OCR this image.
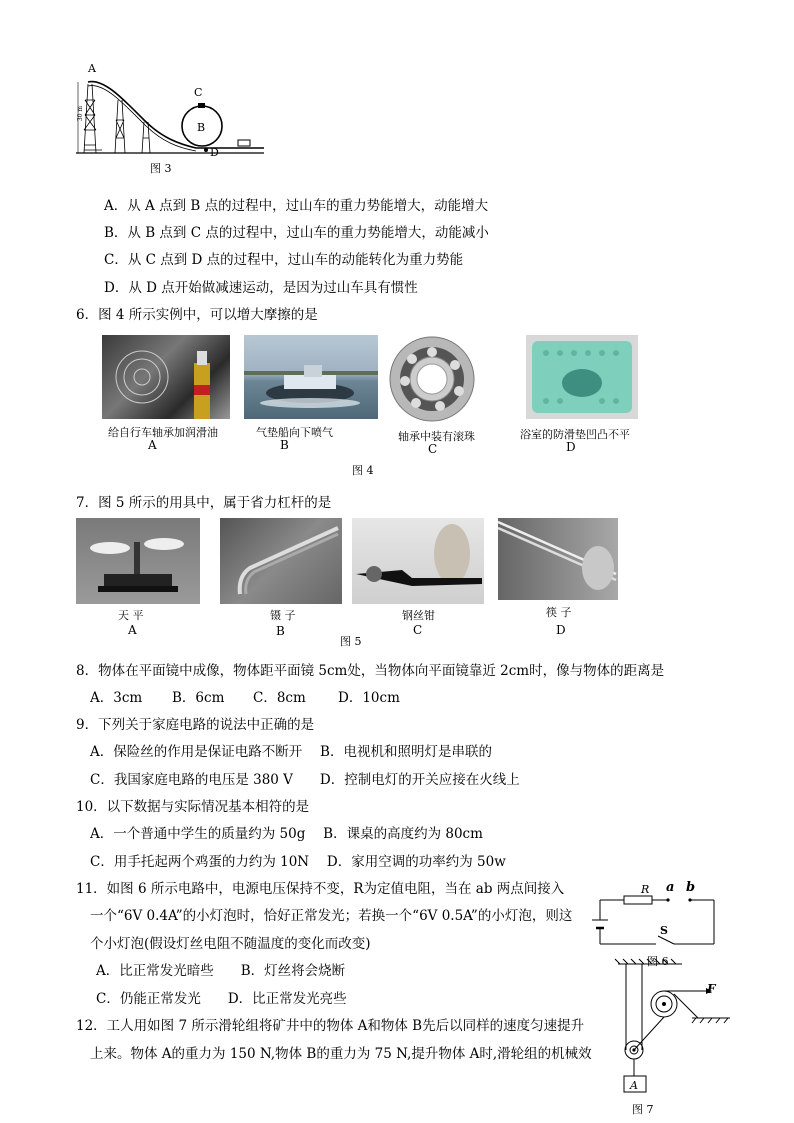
A
C
B
D
30 m
图 3
A．从 A 点到 B 点的过程中，过山车的重力势能增大，动能增大
B．从 B 点到 C 点的过程中，过山车的重力势能增大，动能减小
C．从 C 点到 D 点的过程中，过山车的动能转化为重力势能
D．从 D 点开始做减速运动，是因为过山车具有惯性
6．图 4 所示实例中，可以增大摩擦的是
给自行车轴承加润滑油	气垫船向下喷气	轴承中装有滚珠	浴室的防滑垫凹凸不平
A	B	C	D
图 4
7．图 5 所示的用具中，属于省力杠杆的是
天 平	镊 子	钢丝钳	筷 子
A	B	C	D
图 5
8．物体在平面镜中成像，物体距平面镜 5cm处，当物体向平面镜靠近 2cm时，像与物体的距离是
A．3cm B．6cm C．8cm D．10cm
9．下列关于家庭电路的说法中正确的是
A．保险丝的作用是保证电路不断开　 B．电视机和照明灯是串联的
C．我国家庭电路的电压是 380 V　　D．控制电灯的开关应接在火线上
10．以下数据与实际情况基本相符的是
A．一个普通中学生的质量约为 50g　 B．课桌的高度约为 80cm
C．用手托起两个鸡蛋的力约为 10N　 D．家用空调的功率约为 50w
11．如图 6 所示电路中，电源电压保持不变，R为定值电阻，当在 ab 两点间接入
一个“6V 0.4A”的小灯泡时，恰好正常发光；若换一个“6V 0.5A”的小灯泡，则这
个小灯泡(假设灯丝电阻不随温度的变化而改变)
A．比正常发光暗些　　B．灯丝将会烧断
C．仍能正常发光　　D．比正常发光亮些
R a b
S
图 6
12．工人用如图 7 所示滑轮组将矿井中的物体 A和物体 B先后以同样的速度匀速提升
上来。物体 A的重力为 150 N,物体 B的重力为 75 N,提升物体 A时,滑轮组的机械效
F
A
图 7
